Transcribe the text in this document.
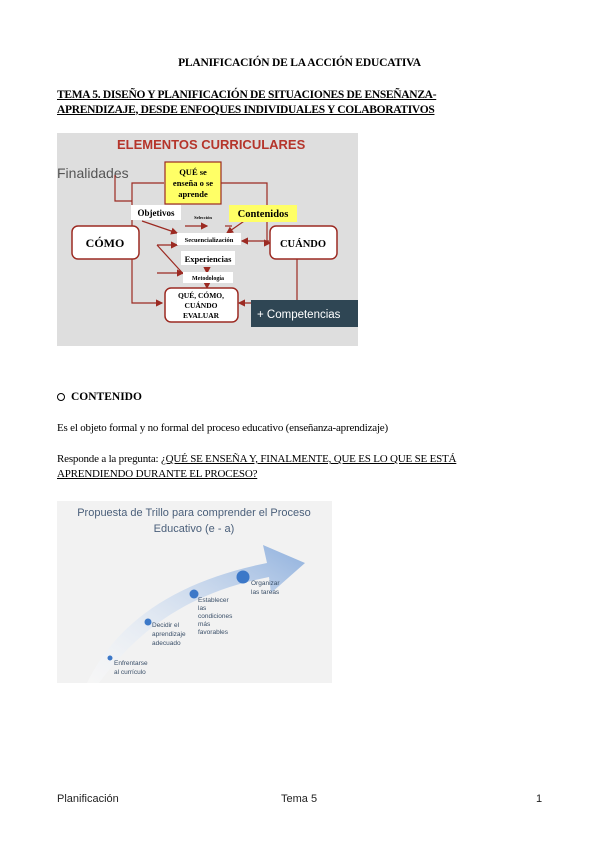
PLANIFICACIÓN DE LA ACCIÓN EDUCATIVA
TEMA 5. DISEÑO Y PLANIFICACIÓN DE SITUACIONES DE ENSEÑANZA-APRENDIZAJE, DESDE ENFOQUES INDIVIDUALES Y COLABORATIVOS
ELEMENTOS CURRICULARES
Finalidades	QUÉ se
enseña o se
aprende
Objetivos	Selección Contenidos
CÓMO	CUÁNDO
Secuencialización
Experiencias
Metodología
QUÉ, CÓMO,
CUÁNDO
EVALUAR	+ Competencias
CONTENIDO
Es el objeto formal y no formal del proceso educativo (enseñanza-aprendizaje)
Responde a la pregunta: ¿QUÉ SE ENSEÑA Y, FINALMENTE, QUE ES LO QUE SE ESTÁ APRENDIENDO DURANTE EL PROCESO?
Propuesta de Trillo para comprender el Proceso
Educativo (e - a)
Enfrentarse
al currículo
Decidir el
aprendizaje
adecuado
Establecer
las
condiciones
más
favorables
Organizar
las tareas
Planificación	Tema 5	1
